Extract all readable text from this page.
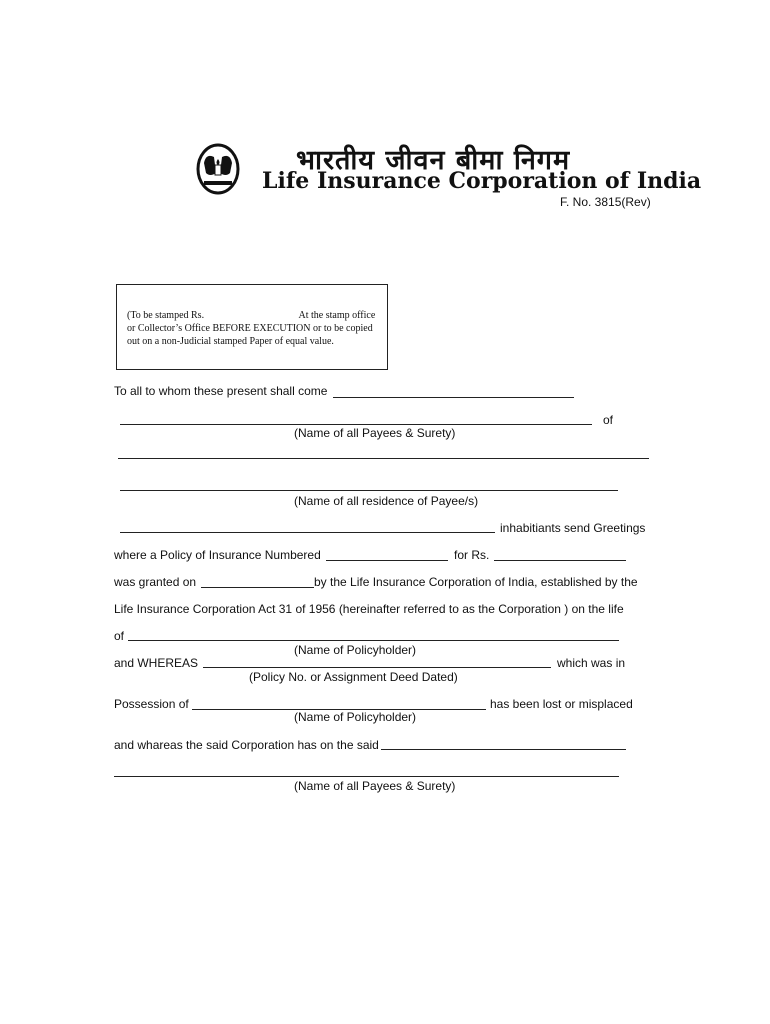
भारतीय जीवन बीमा निगम
Life Insurance Corporation of India
F. No. 3815(Rev)
(To be stamped Rs.	At the stamp office or Collector’s Office BEFORE EXECUTION or to be copied out on a non-Judicial stamped Paper of equal value.
To all to whom these present shall come
of
(Name of all Payees & Surety)
(Name of all residence of Payee/s)
inhabitiants send Greetings
where a Policy of Insurance Numbered	for Rs.
was granted on	by the Life Insurance Corporation of India, established by the
Life Insurance Corporation Act 31 of 1956 (hereinafter referred to as the Corporation ) on the life
of
(Name of Policyholder)
and WHEREAS	which was in
(Policy No. or Assignment Deed Dated)
Possession of	has been lost or misplaced
(Name of Policyholder)
and whareas the said Corporation has on the said
(Name of all Payees & Surety)
